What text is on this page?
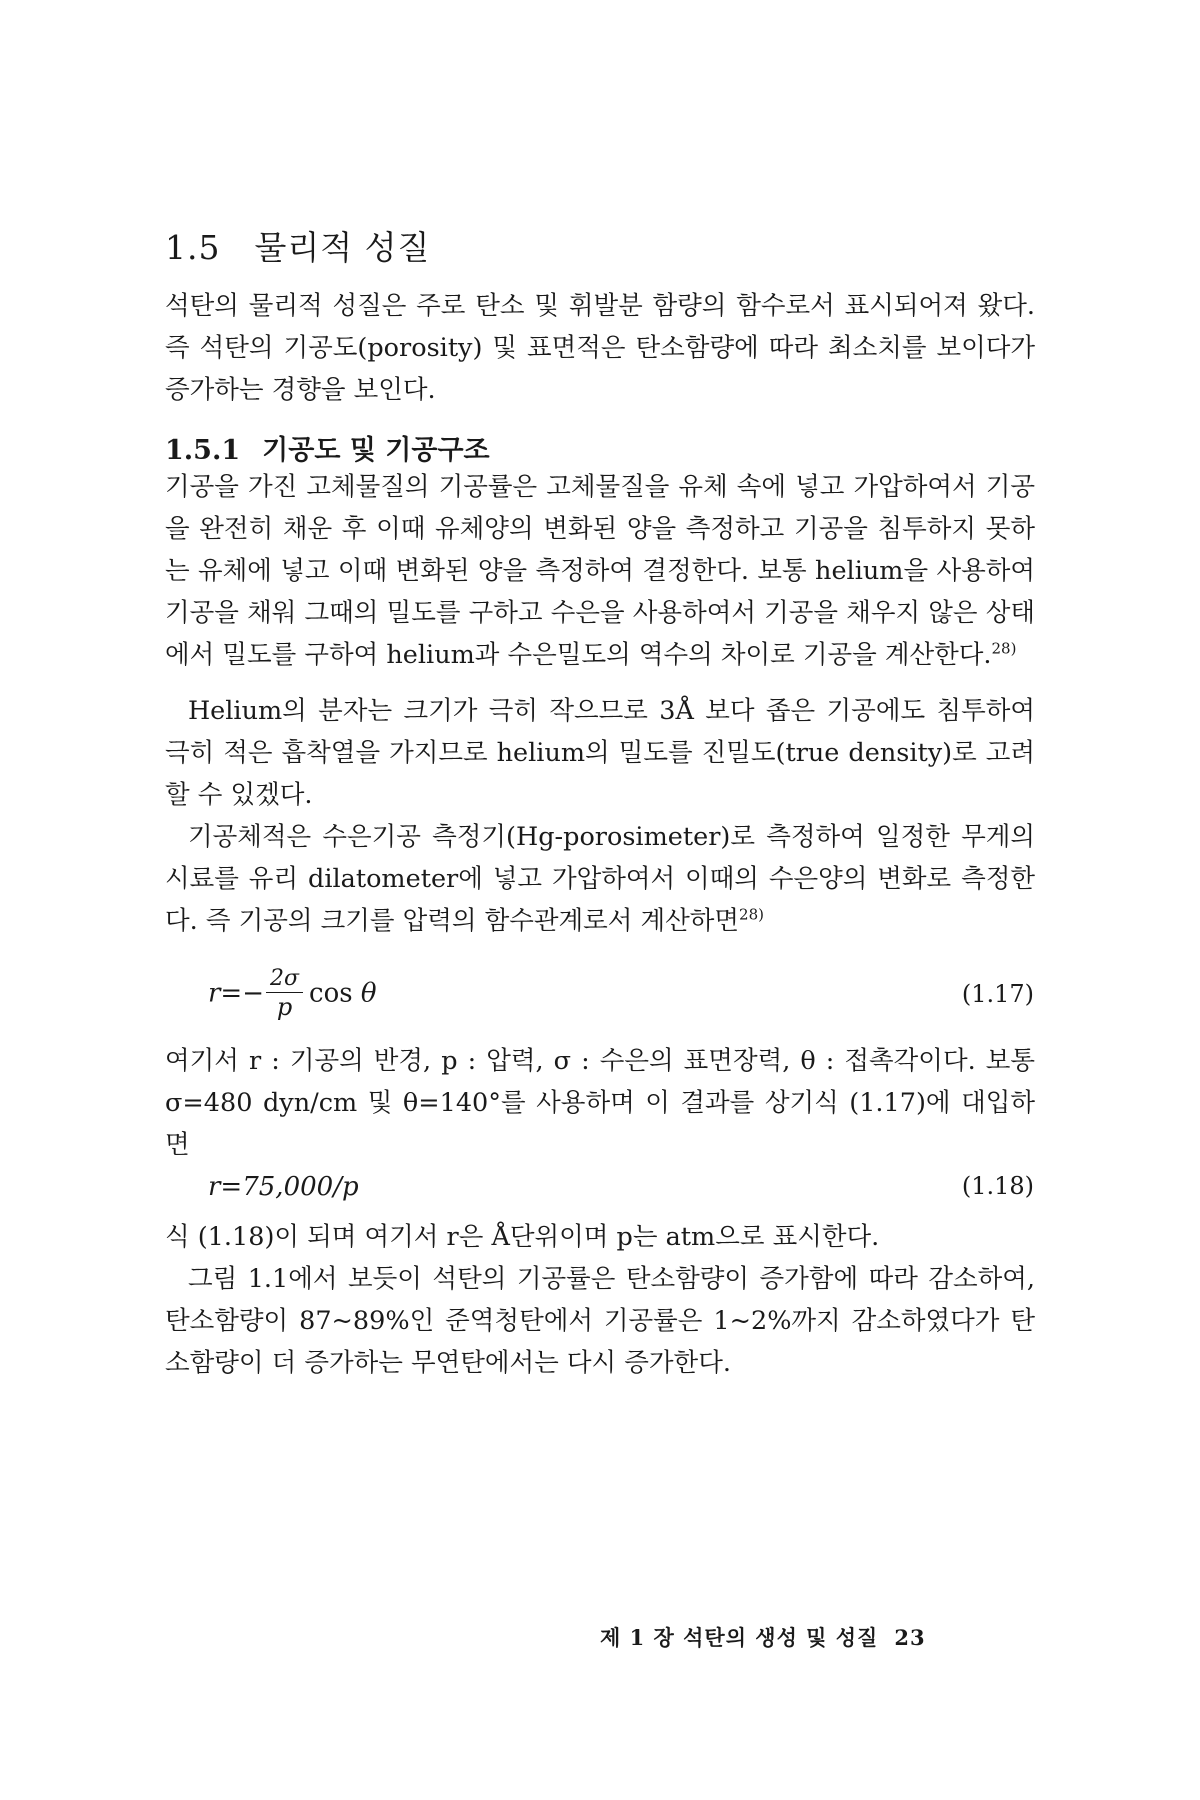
1.5 물리적 성질

석탄의 물리적 성질은 주로 탄소 및 휘발분 함량의 함수로서 표시되어져 왔다. 즉 석탄의 기공도(porosity) 및 표면적은 탄소함량에 따라 최소치를 보이다가 증가하는 경향을 보인다.

1.5.1 기공도 및 기공구조

기공을 가진 고체물질의 기공률은 고체물질을 유체 속에 넣고 가압하여서 기공을 완전히 채운 후 이때 유체양의 변화된 양을 측정하고 기공을 침투하지 못하는 유체에 넣고 이때 변화된 양을 측정하여 결정한다. 보통 helium을 사용하여 기공을 채워 그때의 밀도를 구하고 수은을 사용하여서 기공을 채우지 않은 상태에서 밀도를 구하여 helium과 수은밀도의 역수의 차이로 기공을 계산한다.$^{28)}$

Helium의 분자는 크기가 극히 작으므로 3Å 보다 좁은 기공에도 침투하여 극히 적은 흡착열을 가지므로 helium의 밀도를 진밀도(true density)로 고려할 수 있겠다.

기공체적은 수은기공 측정기(Hg-porosimeter)로 측정하여 일정한 무게의 시료를 유리 dilatometer에 넣고 가압하여서 이때의 수은양의 변화로 측정한다. 즉 기공의 크기를 압력의 함수관계로서 계산하면$^{28)}$

$r=- \frac{2\sigma}{p}$ cos θ	(1.17)

여기서 r : 기공의 반경, p : 압력, σ : 수은의 표면장력, θ : 접촉각이다. 보통 σ=480 dyn/cm 및 θ=140°를 사용하며 이 결과를 상기식 (1.17)에 대입하면

r=75,000/p	(1.18)

식 (1.18)이 되며 여기서 r은 Å단위이며 p는 atm으로 표시한다.

그림 1.1에서 보듯이 석탄의 기공률은 탄소함량이 증가함에 따라 감소하여, 탄소함량이 87~89%인 준역청탄에서 기공률은 1~2%까지 감소하였다가 탄소함량이 더 증가하는 무연탄에서는 다시 증가한다.

제 1 장 석탄의 생성 및 성질 23
